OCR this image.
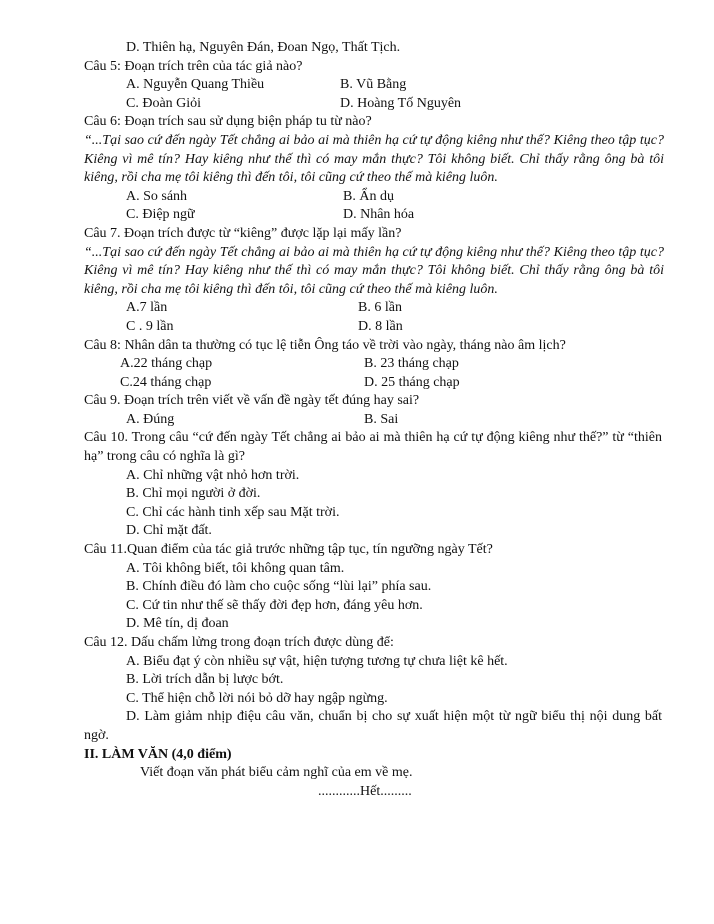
D. Thiên hạ, Nguyên Đán, Đoan Ngọ, Thất Tịch.
Câu 5: Đoạn trích trên của tác giả nào?
A. Nguyễn Quang Thiều	B. Vũ Bằng
C. Đoàn Giỏi	D. Hoàng Tố Nguyên
Câu 6: Đoạn trích sau sử dụng biện pháp tu từ nào?
“...Tại sao cứ đến ngày Tết chẳng ai bảo ai mà thiên hạ cứ tự động kiêng như thế? Kiêng theo tập tục? Kiêng vì mê tín? Hay kiêng như thế thì có may mắn thực? Tôi không biết. Chỉ thấy rằng ông bà tôi kiêng, rồi cha mẹ tôi kiêng thì đến tôi, tôi cũng cứ theo thế mà kiêng luôn.
A. So sánh	B. Ẩn dụ
C. Điệp ngữ	D. Nhân hóa
Câu 7. Đoạn trích được từ “kiêng” được lặp lại mấy lần?
“...Tại sao cứ đến ngày Tết chẳng ai bảo ai mà thiên hạ cứ tự động kiêng như thế? Kiêng theo tập tục? Kiêng vì mê tín? Hay kiêng như thế thì có may mắn thực? Tôi không biết. Chỉ thấy rằng ông bà tôi kiêng, rồi cha mẹ tôi kiêng thì đến tôi, tôi cũng cứ theo thế mà kiêng luôn.
A.7 lần	B. 6 lần
C . 9 lần	D. 8 lần
Câu 8: Nhân dân ta thường có tục lệ tiễn Ông táo về trời vào ngày, tháng nào âm lịch?
A.22 tháng chạp	B. 23 tháng chạp
C.24 tháng chạp	D. 25 tháng chạp
Câu 9. Đoạn trích trên viết về vấn đề ngày tết đúng hay sai?
A. Đúng	B. Sai
Câu 10. Trong câu “cứ đến ngày Tết chẳng ai bảo ai mà thiên hạ cứ tự động kiêng như thế?” từ “thiên hạ” trong câu có nghĩa là gì?
A. Chỉ những vật nhỏ hơn trời.
B. Chỉ mọi người ở đời.
C. Chỉ các hành tinh xếp sau Mặt trời.
D. Chỉ mặt đất.
Câu 11.Quan điểm của tác giả trước những tập tục, tín ngưỡng ngày Tết?
A. Tôi không biết, tôi không quan tâm.
B. Chính điều đó làm cho cuộc sống “lùi lại” phía sau.
C. Cứ tin như thế sẽ thấy đời đẹp hơn, đáng yêu hơn.
D. Mê tín, dị đoan
Câu 12. Dấu chấm lửng trong đoạn trích được dùng để:
A. Biểu đạt ý còn nhiều sự vật, hiện tượng tương tự chưa liệt kê hết.
B. Lời trích dẫn bị lược bớt.
C. Thể hiện chỗ lời nói bỏ dỡ hay ngập ngừng.
D. Làm giảm nhịp điệu câu văn, chuẩn bị cho sự xuất hiện một từ ngữ biểu thị nội dung bất ngờ.
II. LÀM VĂN (4,0 điểm)
Viết đoạn văn phát biểu cảm nghĩ của em về mẹ.
............Hết.........
